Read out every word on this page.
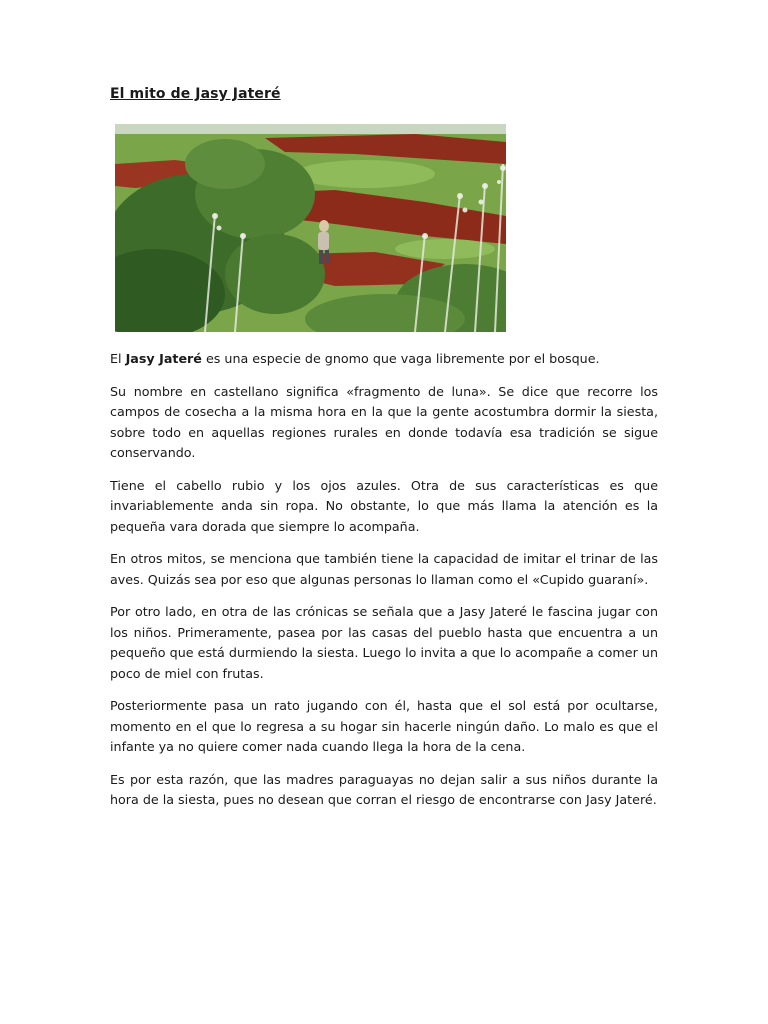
El mito de Jasy Jateré

El Jasy Jateré es una especie de gnomo que vaga libremente por el bosque.

Su nombre en castellano significa «fragmento de luna». Se dice que recorre los campos de cosecha a la misma hora en la que la gente acostumbra dormir la siesta, sobre todo en aquellas regiones rurales en donde todavía esa tradición se sigue conservando.

Tiene el cabello rubio y los ojos azules. Otra de sus características es que invariablemente anda sin ropa. No obstante, lo que más llama la atención es la pequeña vara dorada que siempre lo acompaña.

En otros mitos, se menciona que también tiene la capacidad de imitar el trinar de las aves. Quizás sea por eso que algunas personas lo llaman como el «Cupido guaraní».

Por otro lado, en otra de las crónicas se señala que a Jasy Jateré le fascina jugar con los niños. Primeramente, pasea por las casas del pueblo hasta que encuentra a un pequeño que está durmiendo la siesta. Luego lo invita a que lo acompañe a comer un poco de miel con frutas.

Posteriormente pasa un rato jugando con él, hasta que el sol está por ocultarse, momento en el que lo regresa a su hogar sin hacerle ningún daño. Lo malo es que el infante ya no quiere comer nada cuando llega la hora de la cena.

Es por esta razón, que las madres paraguayas no dejan salir a sus niños durante la hora de la siesta, pues no desean que corran el riesgo de encontrarse con Jasy Jateré.
